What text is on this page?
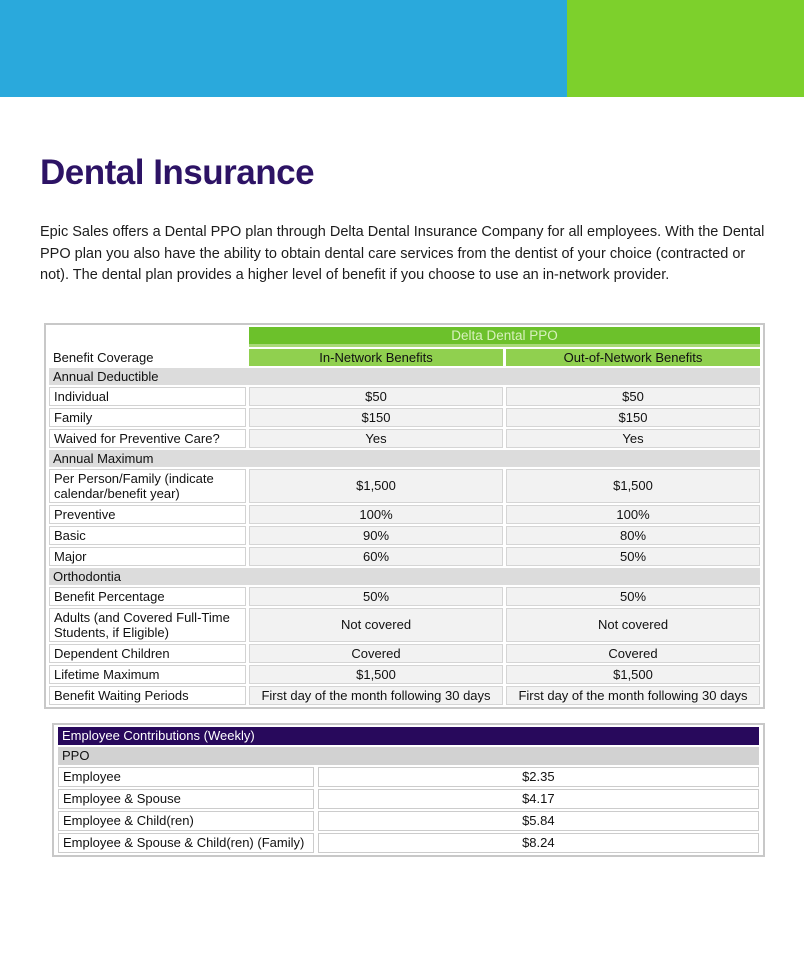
Dental Insurance

Epic Sales offers a Dental PPO plan through Delta Dental Insurance Company for all employees. With the Dental PPO plan you also have the ability to obtain dental care services from the dentist of your choice (contracted or not). The dental plan provides a higher level of benefit if you choose to use an in-network provider.

	Delta Dental PPO	
Benefit Coverage	In-Network Benefits	Out-of-Network Benefits
Annual Deductible		
Individual	$50	$50
Family	$150	$150
Waived for Preventive Care?	Yes	Yes
Annual Maximum		
Per Person/Family (indicate calendar/benefit year)	$1,500	$1,500
Preventive	100%	100%
Basic	90%	80%
Major	60%	50%
Orthodontia		
Benefit Percentage	50%	50%
Adults (and Covered Full-Time Students, if Eligible)	Not covered	Not covered
Dependent Children	Covered	Covered
Lifetime Maximum	$1,500	$1,500
Benefit Waiting Periods	First day of the month following 30 days	First day of the month following 30 days
Employee Contributions (Weekly)	
PPO	
Employee	$2.35
Employee & Spouse	$4.17
Employee & Child(ren)	$5.84
Employee & Spouse & Child(ren) (Family)	$8.24
